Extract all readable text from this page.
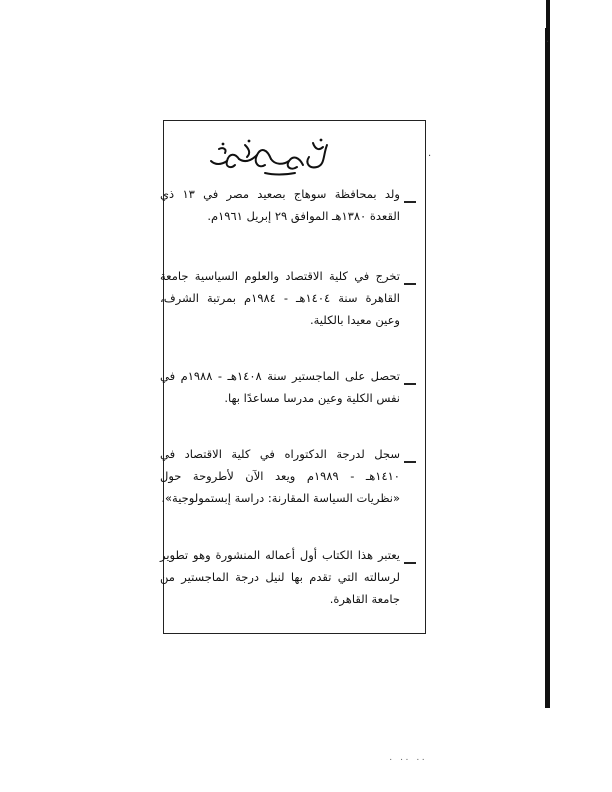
·
·
ولد بمحافظة سوهاج بصعيد مصر في ١٣ ذي القعدة ١٣٨٠هـ الموافق ٢٩ إبريل ١٩٦١م.
تخرج في كلية الاقتصاد والعلوم السياسية جامعة القاهرة سنة ١٤٠٤هـ - ١٩٨٤م بمرتبة الشرف، وعين معيدا بالكلية.
تحصل على الماجستير سنة ١٤٠٨هـ - ١٩٨٨م في نفس الكلية وعين مدرسا مساعدًا بها.
سجل لدرجة الدكتوراه في كلية الاقتصاد في ١٤١٠هـ - ١٩٨٩م ويعد الآن لأطروحة حول «نظريات السياسة المقارنة: دراسة إبستمولوجية».
يعتبر هذا الكتاب أول أعماله المنشورة وهو تطوير لرسالته التي تقدم بها لنيل درجة الماجستير من جامعة القاهرة.
٠٠ ٠٠ ٠
